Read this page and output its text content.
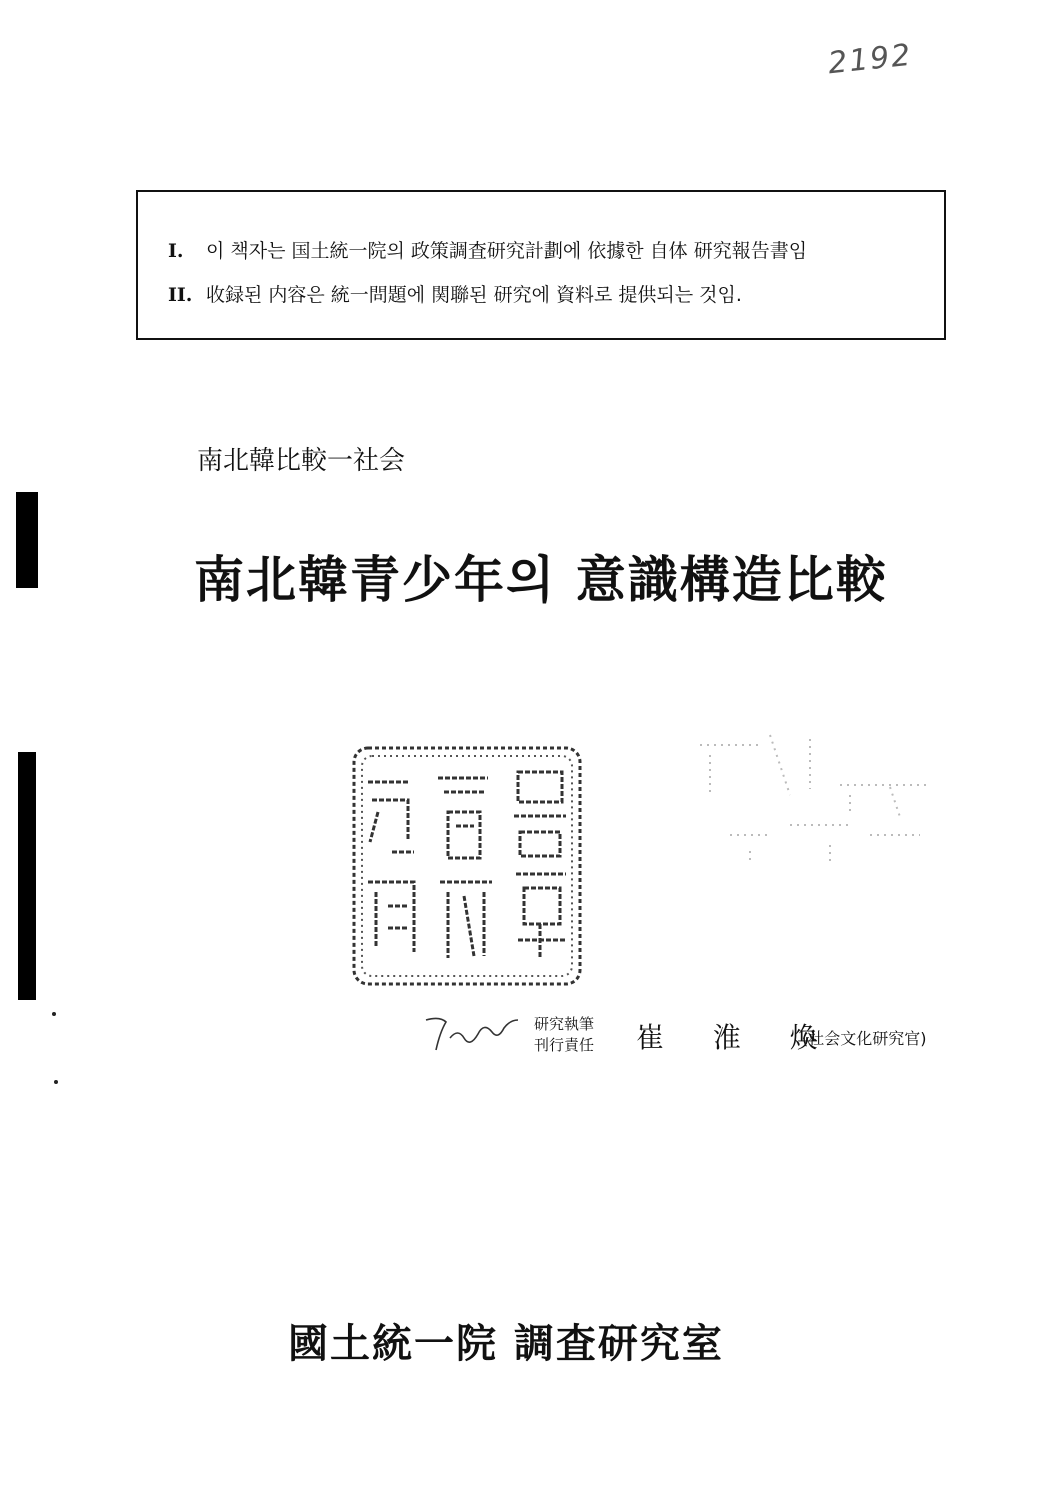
2192
I. 이 책자는 国土統一院의 政策調査研究計劃에 依據한 自体 研究報告書임
II. 收録된 内容은 統一問題에 関聯된 研究에 資料로 提供되는 것임.
南北韓比較一社会
南北韓青少年의 意識構造比較
研究執筆
刊行責任 崔 淮 煥
(社会文化研究官)
國土統一院 調査研究室
